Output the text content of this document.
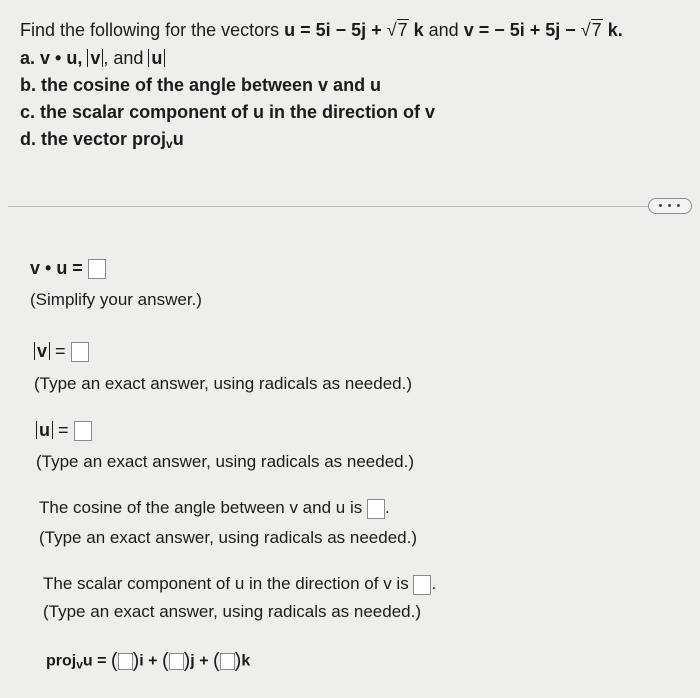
Find the following for the vectors u = 5i − 5j + √7 k and v = − 5i + 5j − √7 k.
a. v • u, v , and u
b. the cosine of the angle between v and u
c. the scalar component of u in the direction of v
d. the vector proj$_v$u
• • •
v • u =
(Simplify your answer.)
v =
(Type an exact answer, using radicals as needed.)
u =
(Type an exact answer, using radicals as needed.)
The cosine of the angle between v and u is .
(Type an exact answer, using radicals as needed.)
The scalar component of u in the direction of v is .
(Type an exact answer, using radicals as needed.)
proj$_v$u = ( )i + ( )j + ( )k
